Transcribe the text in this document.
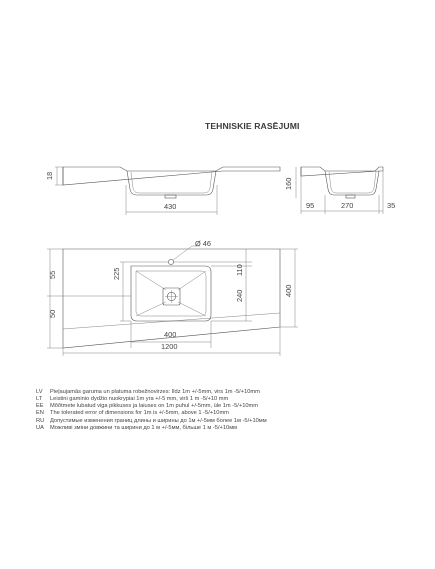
TEHNISKIE RASĒJUMI
18
430
160
95	270	35
Ø 46
55
50
225	110
240	400
400
1200
LV	Pieļaujamās garuma un platuma robežnovirzes: līdz 1m +/-5mm, virs 1m -5/+10mm
LT	Leistini gaminio dydžio nuokrypiai 1m yra +/-5 mm, virš 1 m -5/+10 mm
EE	Mõõtmete lubatud viga pikkuses ja laiuses on 1m puhul +/-5mm, üle 1m -5/+10mm
EN	The tolerated error of dimensions for 1m is +/-5mm, above 1 -5/+10mm
RU	Допустимые изменения границ длины и ширины до 1м +/-5мм более 1м -5/+10мм
UA	Можливі зміни довжини та ширини до 1 м +/-5мм, більше 1 м -5/+10мм
